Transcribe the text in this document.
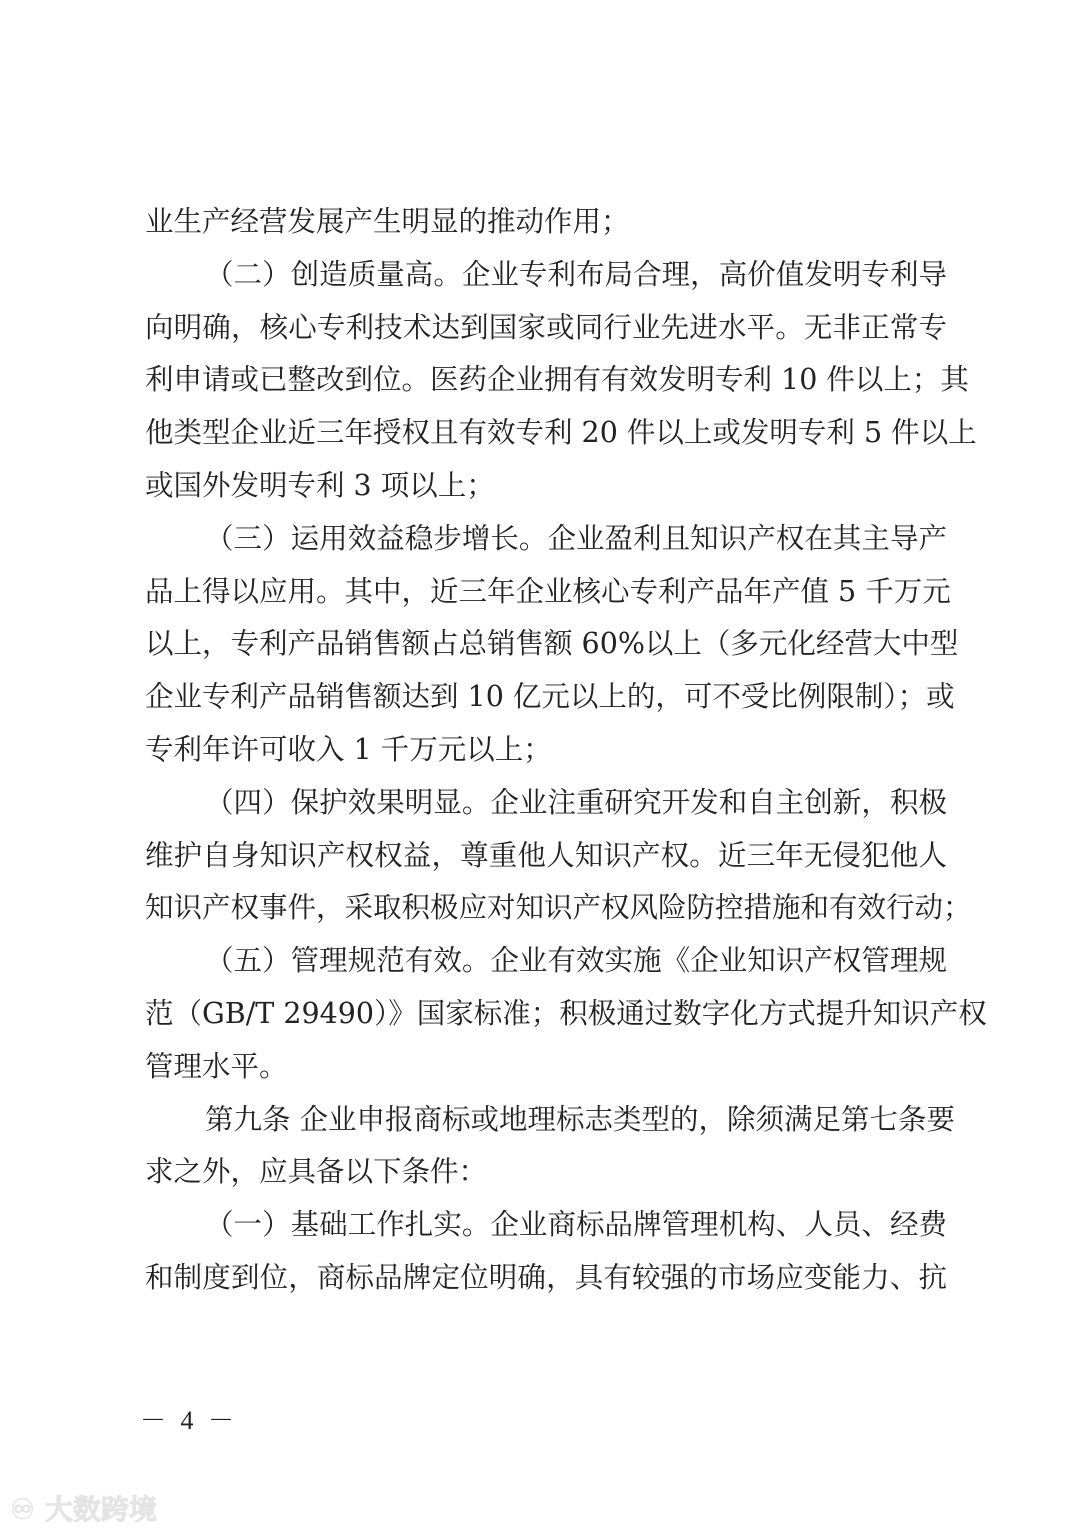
业生产经营发展产生明显的推动作用；
（二）创造质量高。企业专利布局合理，高价值发明专利导
向明确，核心专利技术达到国家或同行业先进水平。无非正常专
利申请或已整改到位。医药企业拥有有效发明专利 10 件以上；其
他类型企业近三年授权且有效专利 20 件以上或发明专利 5 件以上
或国外发明专利 3 项以上；
（三）运用效益稳步增长。企业盈利且知识产权在其主导产
品上得以应用。其中，近三年企业核心专利产品年产值 5 千万元
以上，专利产品销售额占总销售额 60%以上（多元化经营大中型
企业专利产品销售额达到 10 亿元以上的，可不受比例限制）；或
专利年许可收入 1 千万元以上；
（四）保护效果明显。企业注重研究开发和自主创新，积极
维护自身知识产权权益，尊重他人知识产权。近三年无侵犯他人
知识产权事件，采取积极应对知识产权风险防控措施和有效行动；
（五）管理规范有效。企业有效实施《企业知识产权管理规
范（GB/T 29490）》国家标准；积极通过数字化方式提升知识产权
管理水平。
第九条 企业申报商标或地理标志类型的，除须满足第七条要
求之外，应具备以下条件：
（一）基础工作扎实。企业商标品牌管理机构、人员、经费
和制度到位，商标品牌定位明确，具有较强的市场应变能力、抗
－ 4 －
♾ 大数跨境
